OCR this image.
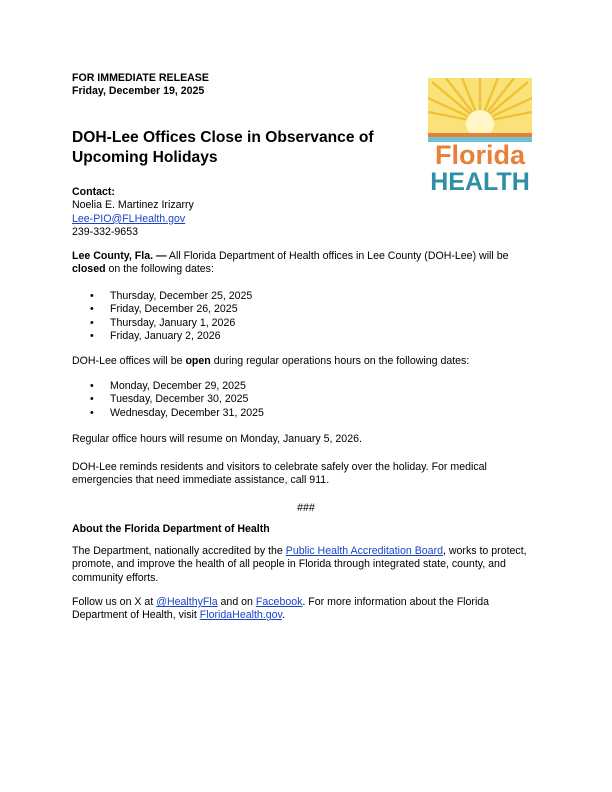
FOR IMMEDIATE RELEASE
Friday, December 19, 2025
DOH-Lee Offices Close in Observance of Upcoming Holidays
Contact:
Noelia E. Martinez Irizarry
Lee-PIO@FLHealth.gov
239-332-9653
Lee County, Fla. — All Florida Department of Health offices in Lee County (DOH-Lee) will be closed on the following dates:
• Thursday, December 25, 2025
• Friday, December 26, 2025
• Thursday, January 1, 2026
• Friday, January 2, 2026
DOH-Lee offices will be open during regular operations hours on the following dates:
• Monday, December 29, 2025
• Tuesday, December 30, 2025
• Wednesday, December 31, 2025
Regular office hours will resume on Monday, January 5, 2026.
DOH-Lee reminds residents and visitors to celebrate safely over the holiday. For medical emergencies that need immediate assistance, call 911.
###
About the Florida Department of Health
The Department, nationally accredited by the Public Health Accreditation Board, works to protect, promote, and improve the health of all people in Florida through integrated state, county, and community efforts.
Follow us on X at @HealthyFla and on Facebook. For more information about the Florida Department of Health, visit FloridaHealth.gov.
Florida
HEALTH
